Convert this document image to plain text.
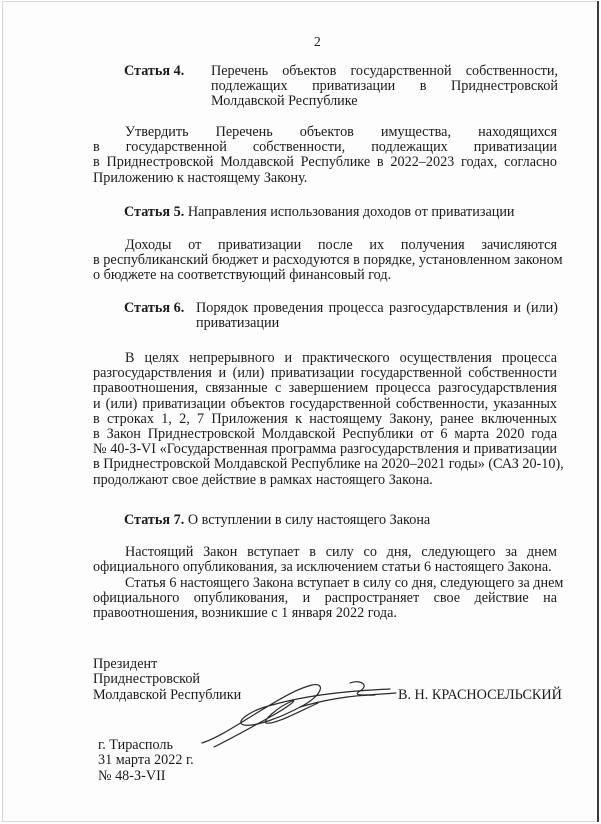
2
Статья 4. Перечень объектов государственной собственности,
подлежащих приватизации в Приднестровской
Молдавской Республике
Утвердить Перечень объектов имущества, находящихся
в государственной собственности, подлежащих приватизации
в Приднестровской Молдавской Республике в 2022–2023 годах, согласно
Приложению к настоящему Закону.
Статья 5. Направления использования доходов от приватизации
Доходы от приватизации после их получения зачисляются
в республиканский бюджет и расходуются в порядке, установленном законом
о бюджете на соответствующий финансовый год.
Статья 6. Порядок проведения процесса разгосударствления и (или)
приватизации
В целях непрерывного и практического осуществления процесса
разгосударствления и (или) приватизации государственной собственности
правоотношения, связанные с завершением процесса разгосударствления
и (или) приватизации объектов государственной собственности, указанных
в строках 1, 2, 7 Приложения к настоящему Закону, ранее включенных
в Закон Приднестровской Молдавской Республики от 6 марта 2020 года
№ 40-З-VI «Государственная программа разгосударствления и приватизации
в Приднестровской Молдавской Республике на 2020–2021 годы» (САЗ 20-10),
продолжают свое действие в рамках настоящего Закона.
Статья 7. О вступлении в силу настоящего Закона
Настоящий Закон вступает в силу со дня, следующего за днем
официального опубликования, за исключением статьи 6 настоящего Закона.
Статья 6 настоящего Закона вступает в силу со дня, следующего за днем
официального опубликования, и распространяет свое действие на
правоотношения, возникшие с 1 января 2022 года.
Президент
Приднестровской
Молдавской Республики	В. Н. КРАСНОСЕЛЬСКИЙ
г. Тирасполь
31 марта 2022 г.
№ 48-З-VII
